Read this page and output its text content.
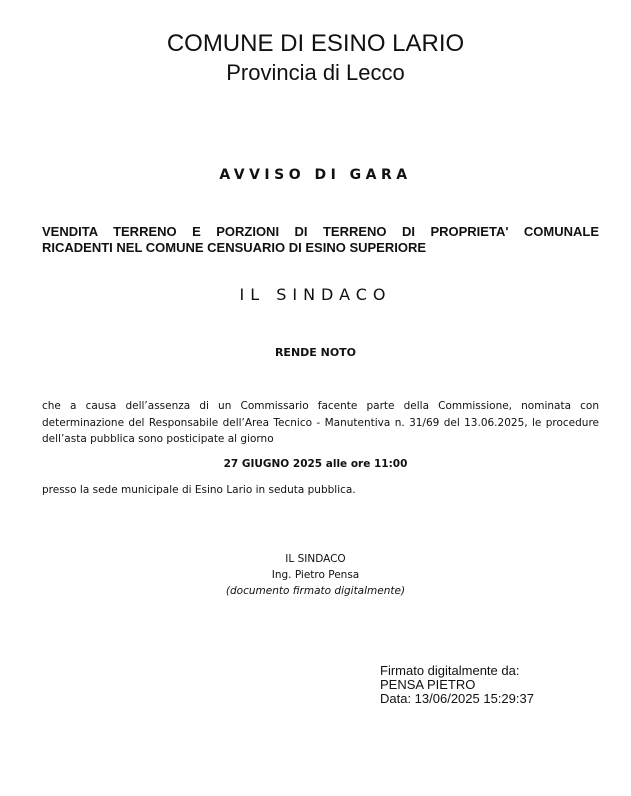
COMUNE DI ESINO LARIO
Provincia di Lecco
AVVISO DI GARA
VENDITA TERRENO E PORZIONI DI TERRENO DI PROPRIETA' COMUNALE
RICADENTI NEL COMUNE CENSUARIO DI ESINO SUPERIORE
IL SINDACO
RENDE NOTO
che a causa dell’assenza di un Commissario facente parte della Commissione, nominata con determinazione del Responsabile dell’Area Tecnico - Manutentiva n. 31/69 del 13.06.2025, le procedure dell’asta pubblica sono posticipate al giorno
27 GIUGNO 2025 alle ore 11:00
presso la sede municipale di Esino Lario in seduta pubblica.
IL SINDACO
Ing. Pietro Pensa
(documento firmato digitalmente)
Firmato digitalmente da:
PENSA PIETRO
Data: 13/06/2025 15:29:37
